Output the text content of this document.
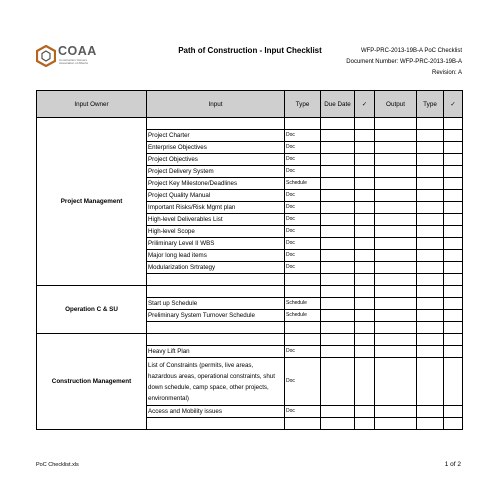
COAA
Construction Owners
Association of Alberta
Path of Construction - Input Checklist	WFP-PRC-2013-19B-A PoC Checklist
Document Number: WFP-PRC-2013-19B-A
Revision: A
Input Owner	Input	Type	Due Date	✓	Output	Type	✓
Project Management							
	Project Charter	Doc					
	Enterprise Objectives	Doc					
	Project Objectives	Doc					
	Project Delivery System	Doc					
	Project Key Milestone/Deadlines	Schedule					
	Project Quality Manual	Doc					
	Important Risks/Risk Mgmt plan	Doc					
	High-level Deliverables List	Doc					
	High-level Scope	Doc					
	Priliminary Level II WBS	Doc					
	Major long lead items	Doc					
	Modularization Srtrategy	Doc					

Operation C & SU							
	Start up Schedule	Schedule					
	Preliminary System Turnover Schedule	Schedule					

Construction Management							
	Heavy Lift Plan	Doc					
	List of Constraints (permits, live areas, hazardous areas, operational constraints, shut down schedule, camp space, other projects, environmental)	Doc					
	Access and Mobility issues	Doc					

PoC Checklist.xls	1 of 2
